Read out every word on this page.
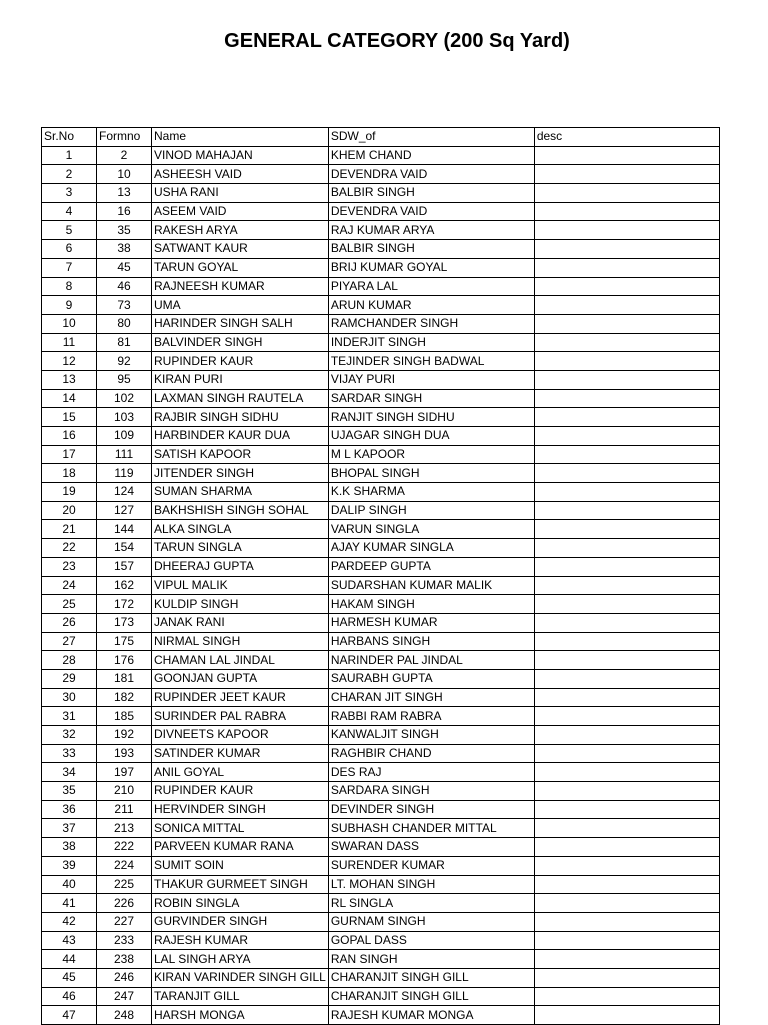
GENERAL CATEGORY (200 Sq Yard)
Sr.No	Formno	Name	SDW_of	desc
1	2	VINOD MAHAJAN	KHEM CHAND	
2	10	ASHEESH VAID	DEVENDRA VAID	
3	13	USHA RANI	BALBIR SINGH	
4	16	ASEEM VAID	DEVENDRA VAID	
5	35	RAKESH ARYA	RAJ KUMAR ARYA	
6	38	SATWANT KAUR	BALBIR SINGH	
7	45	TARUN GOYAL	BRIJ KUMAR GOYAL	
8	46	RAJNEESH KUMAR	PIYARA LAL	
9	73	UMA	ARUN KUMAR	
10	80	HARINDER SINGH SALH	RAMCHANDER SINGH	
11	81	BALVINDER SINGH	INDERJIT SINGH	
12	92	RUPINDER KAUR	TEJINDER SINGH BADWAL	
13	95	KIRAN PURI	VIJAY PURI	
14	102	LAXMAN SINGH RAUTELA	SARDAR SINGH	
15	103	RAJBIR SINGH SIDHU	RANJIT SINGH SIDHU	
16	109	HARBINDER KAUR DUA	UJAGAR SINGH DUA	
17	111	SATISH KAPOOR	M L KAPOOR	
18	119	JITENDER SINGH	BHOPAL SINGH	
19	124	SUMAN SHARMA	K.K SHARMA	
20	127	BAKHSHISH SINGH SOHAL	DALIP SINGH	
21	144	ALKA SINGLA	VARUN SINGLA	
22	154	TARUN SINGLA	AJAY KUMAR SINGLA	
23	157	DHEERAJ GUPTA	PARDEEP GUPTA	
24	162	VIPUL MALIK	SUDARSHAN KUMAR MALIK	
25	172	KULDIP SINGH	HAKAM SINGH	
26	173	JANAK RANI	HARMESH KUMAR	
27	175	NIRMAL SINGH	HARBANS SINGH	
28	176	CHAMAN LAL JINDAL	NARINDER PAL JINDAL	
29	181	GOONJAN GUPTA	SAURABH GUPTA	
30	182	RUPINDER JEET KAUR	CHARAN JIT SINGH	
31	185	SURINDER PAL RABRA	RABBI RAM RABRA	
32	192	DIVNEETS KAPOOR	KANWALJIT SINGH	
33	193	SATINDER KUMAR	RAGHBIR CHAND	
34	197	ANIL GOYAL	DES RAJ	
35	210	RUPINDER KAUR	SARDARA SINGH	
36	211	HERVINDER SINGH	DEVINDER SINGH	
37	213	SONICA MITTAL	SUBHASH CHANDER MITTAL	
38	222	PARVEEN KUMAR RANA	SWARAN DASS	
39	224	SUMIT SOIN	SURENDER KUMAR	
40	225	THAKUR GURMEET SINGH	LT. MOHAN SINGH	
41	226	ROBIN SINGLA	RL SINGLA	
42	227	GURVINDER SINGH	GURNAM SINGH	
43	233	RAJESH KUMAR	GOPAL DASS	
44	238	LAL SINGH ARYA	RAN SINGH	
45	246	KIRAN VARINDER SINGH GILL	CHARANJIT SINGH GILL	
46	247	TARANJIT GILL	CHARANJIT SINGH GILL	
47	248	HARSH MONGA	RAJESH KUMAR MONGA	
